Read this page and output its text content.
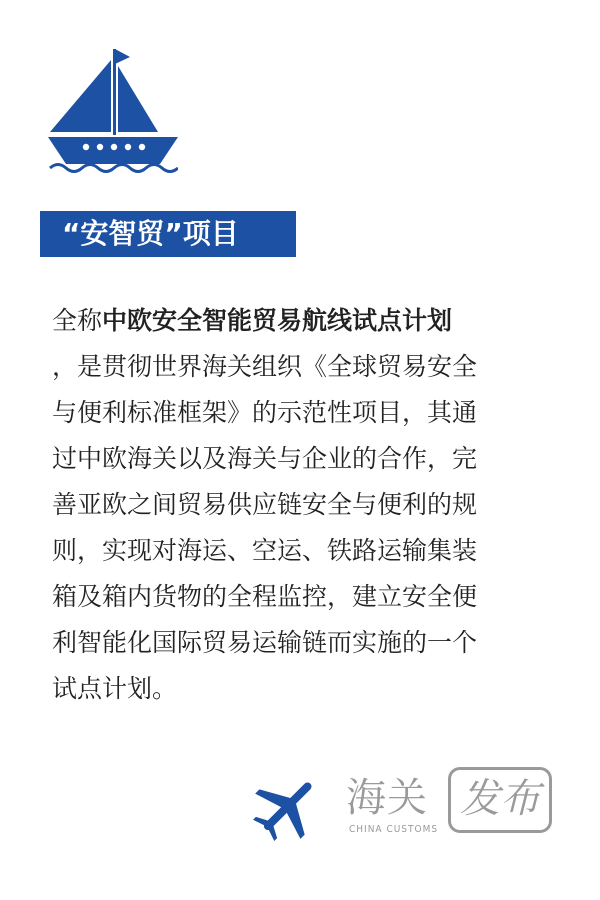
“安智贸”项目
全称中欧安全智能贸易航线试点计划
，是贯彻世界海关组织《全球贸易安全
与便利标准框架》的示范性项目，其通
过中欧海关以及海关与企业的合作，完
善亚欧之间贸易供应链安全与便利的规
则，实现对海运、空运、铁路运输集装
箱及箱内货物的全程监控，建立安全便
利智能化国际贸易运输链而实施的一个
试点计划。
海关 发布
CHINA CUSTOMS
